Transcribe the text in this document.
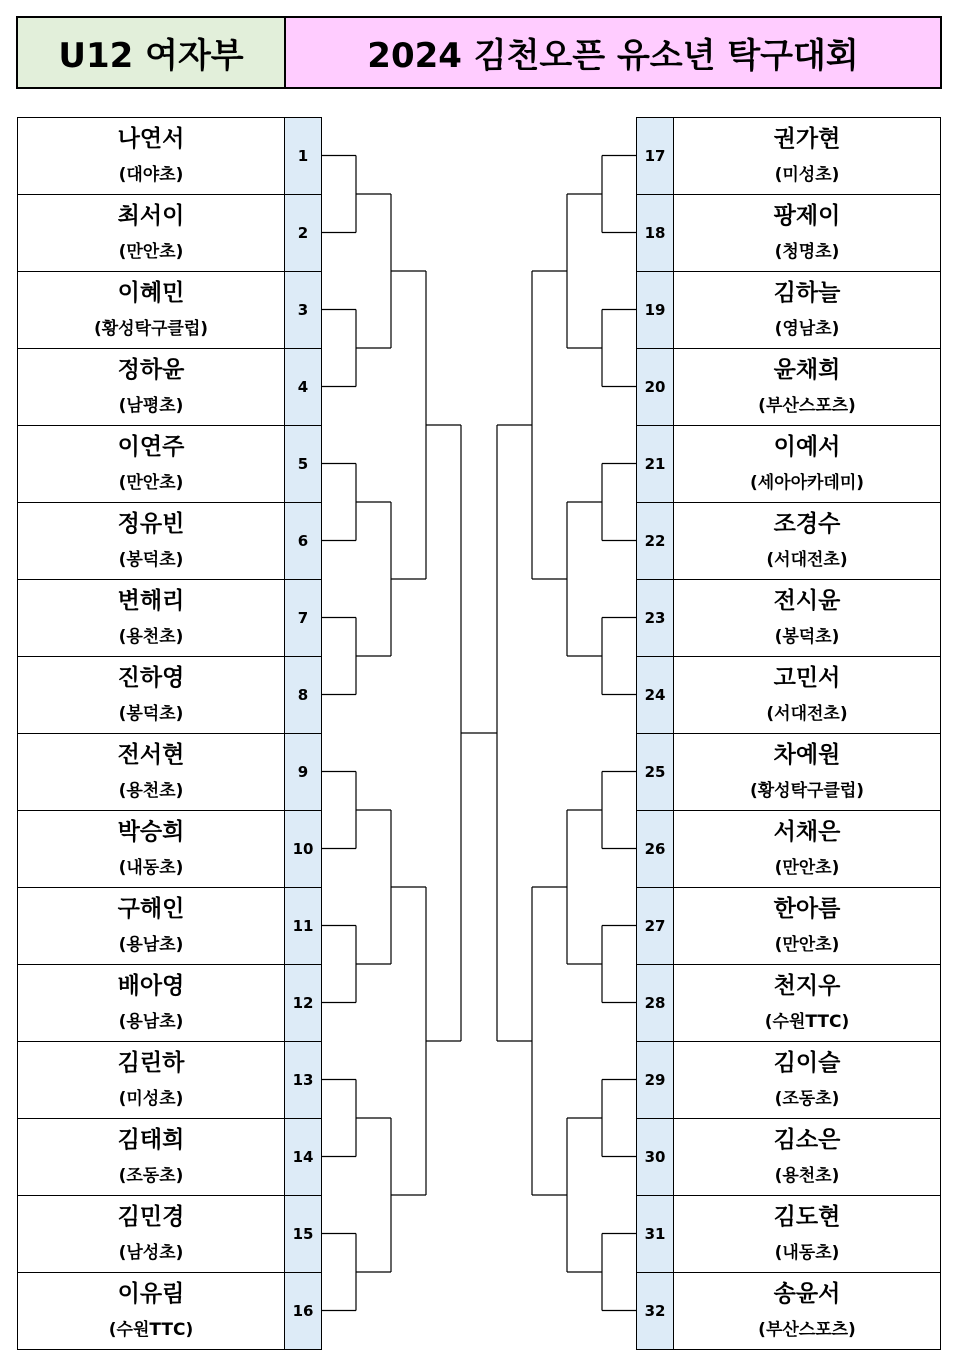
U12 여자부	2024 김천오픈 유소년 탁구대회
나연서
(대야초)
1
권가현
(미성초)
17
최서이
(만안초)
2
팡제이
(청명초)
18
이혜민
(황성탁구클럽)
3
김하늘
(영남초)
19
정하윤
(남평초)
4
윤채희
(부산스포츠)
20
이연주
(만안초)
5
이예서
(세아아카데미)
21
정유빈
(봉덕초)
6
조경수
(서대전초)
22
변해리
(용천초)
7
전시윤
(봉덕초)
23
진하영
(봉덕초)
8
고민서
(서대전초)
24
전서현
(용천초)
9
차예원
(황성탁구클럽)
25
박승희
(내동초)
10
서채은
(만안초)
26
구해인
(용남초)
11
한아름
(만안초)
27
배아영
(용남초)
12
천지우
(수원TTC)
28
김린하
(미성초)
13
김이슬
(조동초)
29
김태희
(조동초)
14
김소은
(용천초)
30
김민경
(남성초)
15
김도현
(내동초)
31
이유림
(수원TTC)
16
송윤서
(부산스포츠)
32
